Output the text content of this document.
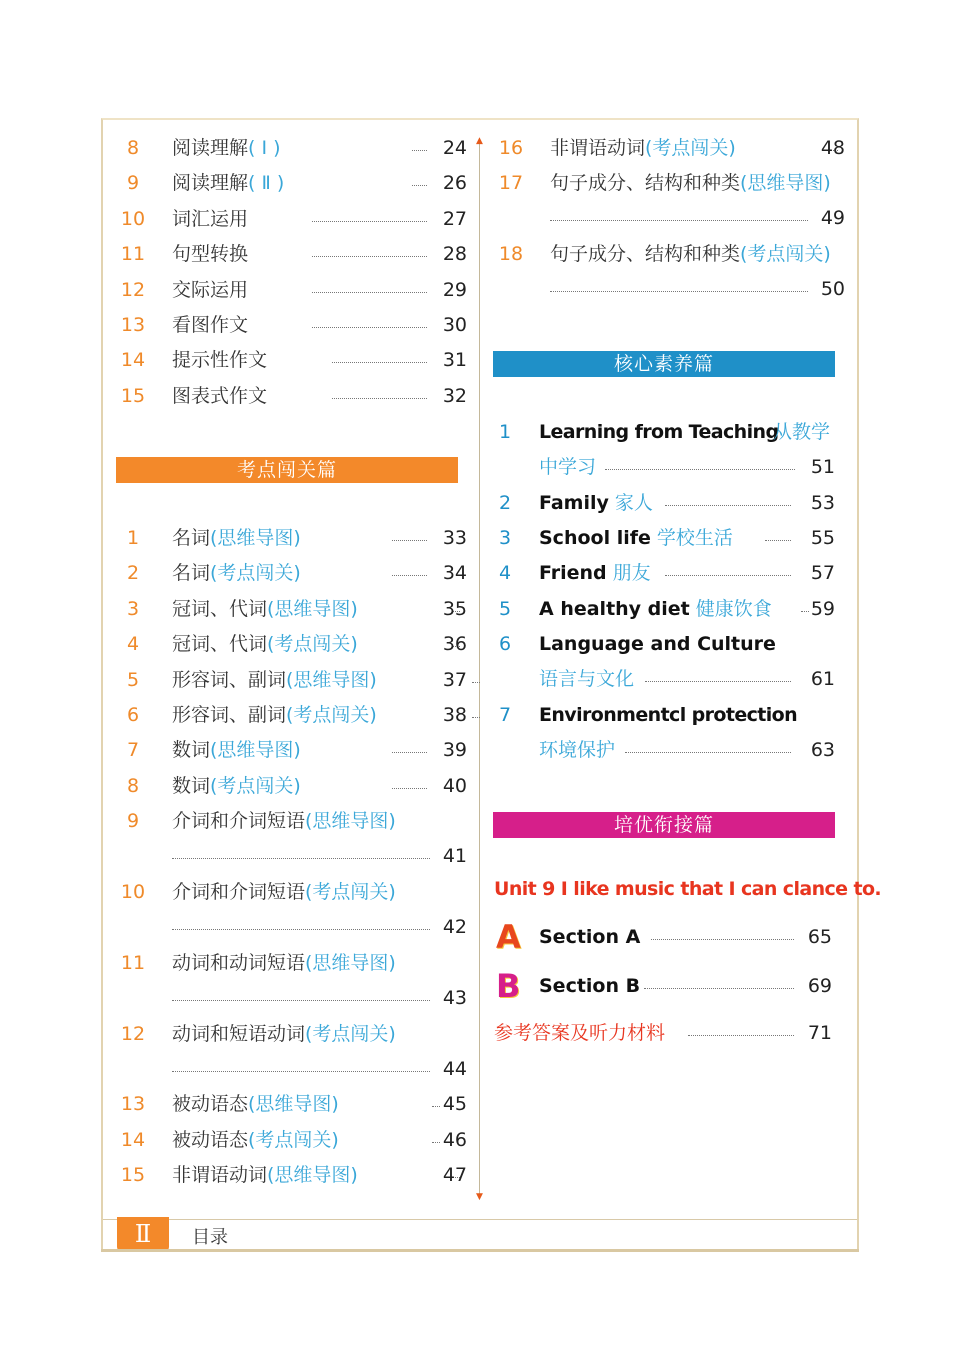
▲
▼
8	阅读理解( Ⅰ )	24
9	阅读理解( Ⅱ )	26
10	词汇运用	27
11	句型转换	28
12	交际运用	29
13	看图作文	30
14	提示性作文	31
15	图表式作文	32
考点闯关篇
1	名词(思维导图)	33
2	名词(考点闯关)	34
3	冠词、代词(思维导图)	35
4	冠词、代词(考点闯关)	36
5	形容词、副词(思维导图)	37
6	形容词、副词(考点闯关)	38
7	数词(思维导图)	39
8	数词(考点闯关)	40
9	介词和介词短语(思维导图)
41
10	介词和介词短语(考点闯关)
42
11	动词和动词短语(思维导图)
43
12	动词和短语动词(考点闯关)
44
13	被动语态(思维导图)	45
14	被动语态(考点闯关)	46
15	非谓语动词(思维导图)	47
16	非谓语动词(考点闯关)	48
17	句子成分、结构和种类(思维导图)
49
18	句子成分、结构和种类(考点闯关)
50
核心素养篇
1	Learning from Teaching
从教学
中学习	51
2	Family 家人	53
3	School life 学校生活	55
4	Friend 朋友	57
5	A healthy diet 健康饮食	59
6	Language and Culture
语言与文化	61
7	Environmentcl protection
环境保护	63
培优衔接篇
Unit 9 I like music that I can clance to.
A Section A	65
B Section B	69
参考答案及听力材料	71
Ⅱ	目录
